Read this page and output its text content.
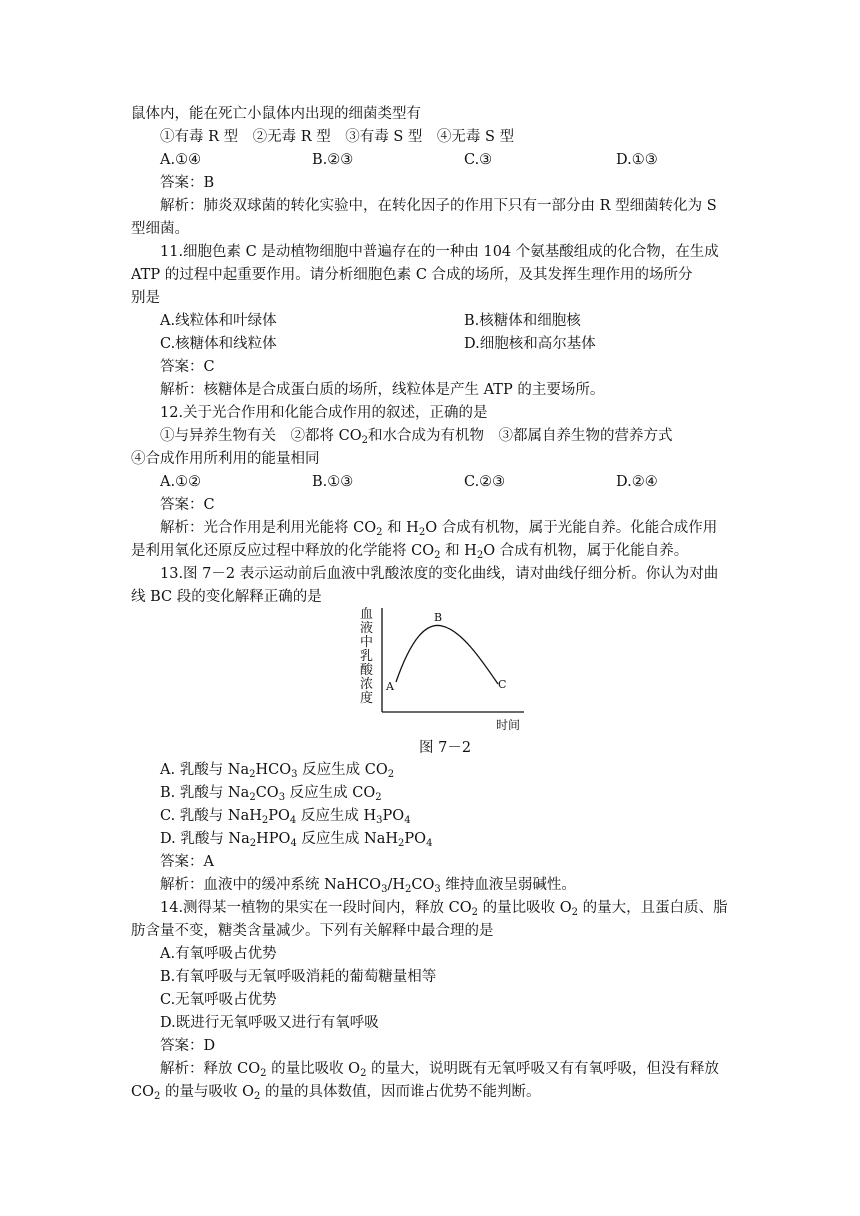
鼠体内，能在死亡小鼠体内出现的细菌类型有
①有毒 R 型　②无毒 R 型　③有毒 S 型　④无毒 S 型
A.①④	B.②③	C.③	D.①③
答案：B
解析：肺炎双球菌的转化实验中，在转化因子的作用下只有一部分由 R 型细菌转化为 S
型细菌。
11.细胞色素 C 是动植物细胞中普遍存在的一种由 104 个氨基酸组成的化合物，在生成
ATP 的过程中起重要作用。请分析细胞色素 C 合成的场所，及其发挥生理作用的场所分
别是
A.线粒体和叶绿体	B.核糖体和细胞核
C.核糖体和线粒体	D.细胞核和高尔基体
答案：C
解析：核糖体是合成蛋白质的场所，线粒体是产生 ATP 的主要场所。
12.关于光合作用和化能合成作用的叙述，正确的是
①与异养生物有关　②都将 $CO_2$和水合成为有机物　③都属自养生物的营养方式
④合成作用所利用的能量相同
A.①②	B.①③	C.②③	D.②④
答案：C
解析：光合作用是利用光能将 $CO_2$ 和 $H_2O$ 合成有机物，属于光能自养。化能合成作用
是利用氧化还原反应过程中释放的化学能将 $CO_2$ 和 $H_2O$ 合成有机物，属于化能自养。
13.图 7－2 表示运动前后血液中乳酸浓度的变化曲线，请对曲线仔细分析。你认为对曲
线 BC 段的变化解释正确的是
血 液 中 乳 酸 浓 度
A
B
C
时间
图 7－2
A. 乳酸与 $Na_2HCO_3$ 反应生成 $CO_2$
B. 乳酸与 $Na_2CO_3$ 反应生成 $CO_2$
C. 乳酸与 $NaH_2PO_4$ 反应生成 $H_3PO_4$
D. 乳酸与 $Na_2HPO_4$ 反应生成 $NaH_2PO_4$
答案：A
解析：血液中的缓冲系统 $NaHCO_3/H_2CO_3$ 维持血液呈弱碱性。
14.测得某一植物的果实在一段时间内，释放 $CO_2$ 的量比吸收 $O_2$ 的量大，且蛋白质、脂
肪含量不变，糖类含量减少。下列有关解释中最合理的是
A.有氧呼吸占优势
B.有氧呼吸与无氧呼吸消耗的葡萄糖量相等
C.无氧呼吸占优势
D.既进行无氧呼吸又进行有氧呼吸
答案：D
解析：释放 $CO_2$ 的量比吸收 $O_2$ 的量大，说明既有无氧呼吸又有有氧呼吸，但没有释放
$CO_2$ 的量与吸收 $O_2$ 的量的具体数值，因而谁占优势不能判断。
